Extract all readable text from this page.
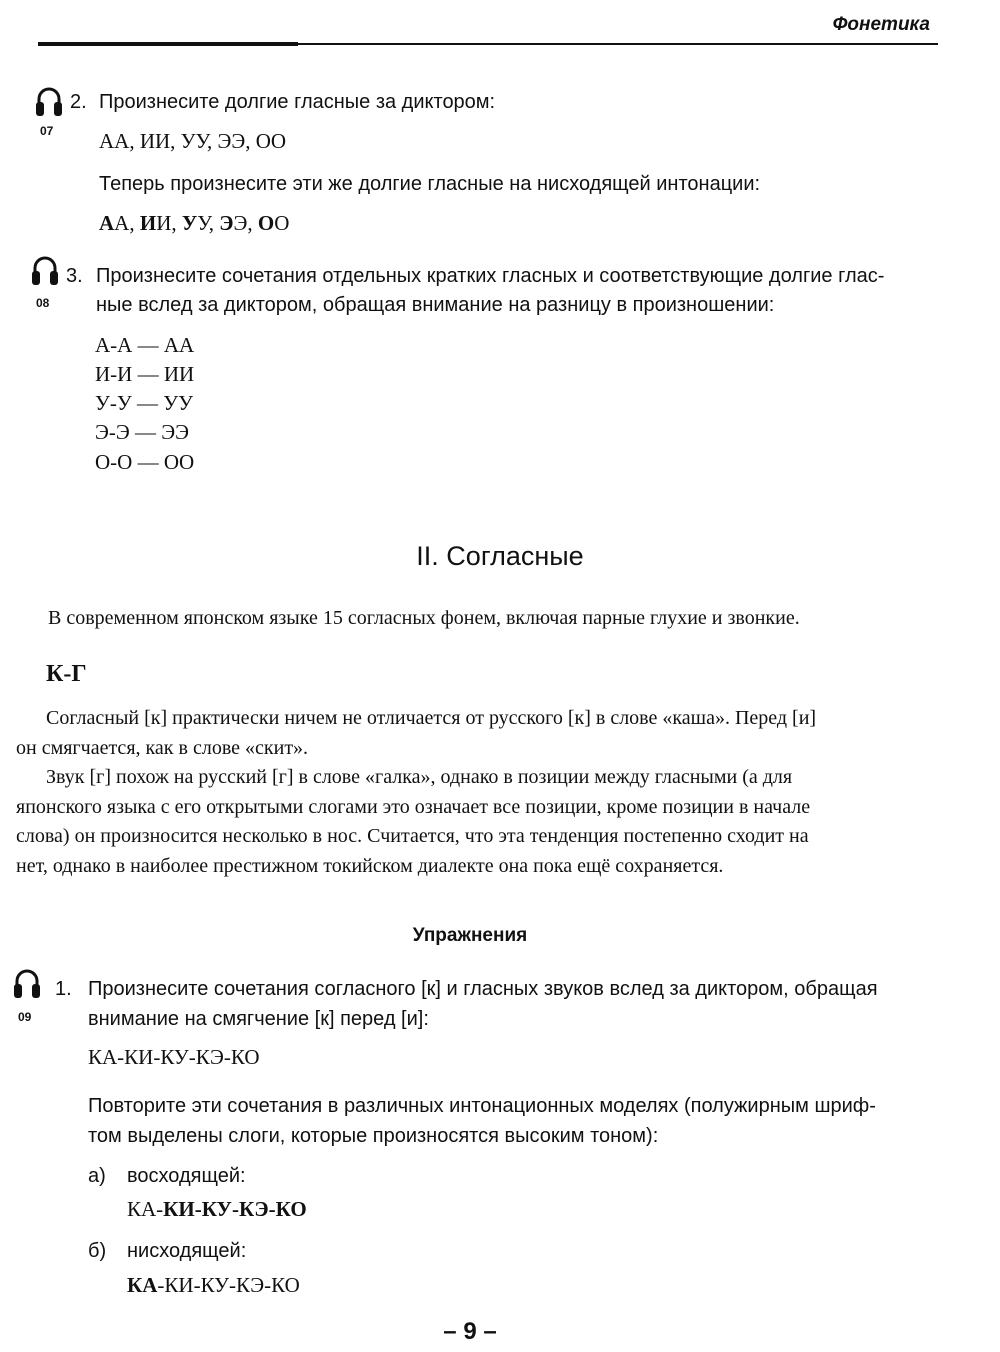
Фонетика
07
2. Произнесите долгие гласные за диктором:
АА, ИИ, УУ, ЭЭ, ОО
Теперь произнесите эти же долгие гласные на нисходящей интонации:
АА, ИИ, УУ, ЭЭ, ОО
08
3. Произнесите сочетания отдельных кратких гласных и соответствующие долгие глас-
ные вслед за диктором, обращая внимание на разницу в произношении:
А-А — АА
И-И — ИИ
У-У — УУ
Э-Э — ЭЭ
О-О — ОО
II. Согласные
В современном японском языке 15 согласных фонем, включая парные глухие и звонкие.
К-Г
Согласный [к] практически ничем не отличается от русского [к] в слове «каша». Перед [и]
он смягчается, как в слове «скит».
Звук [г] похож на русский [г] в слове «галка», однако в позиции между гласными (а для
японского языка с его открытыми слогами это означает все позиции, кроме позиции в начале
слова) он произносится несколько в нос. Считается, что эта тенденция постепенно сходит на
нет, однако в наиболее престижном токийском диалекте она пока ещё сохраняется.
Упражнения
09
1. Произнесите сочетания согласного [к] и гласных звуков вслед за диктором, обращая
внимание на смягчение [к] перед [и]:
КА-КИ-КУ-КЭ-КО
Повторите эти сочетания в различных интонационных моделях (полужирным шриф-
том выделены слоги, которые произносятся высоким тоном):
а) восходящей:
КА-КИ-КУ-КЭ-КО
б) нисходящей:
КА-КИ-КУ-КЭ-КО
– 9 –
